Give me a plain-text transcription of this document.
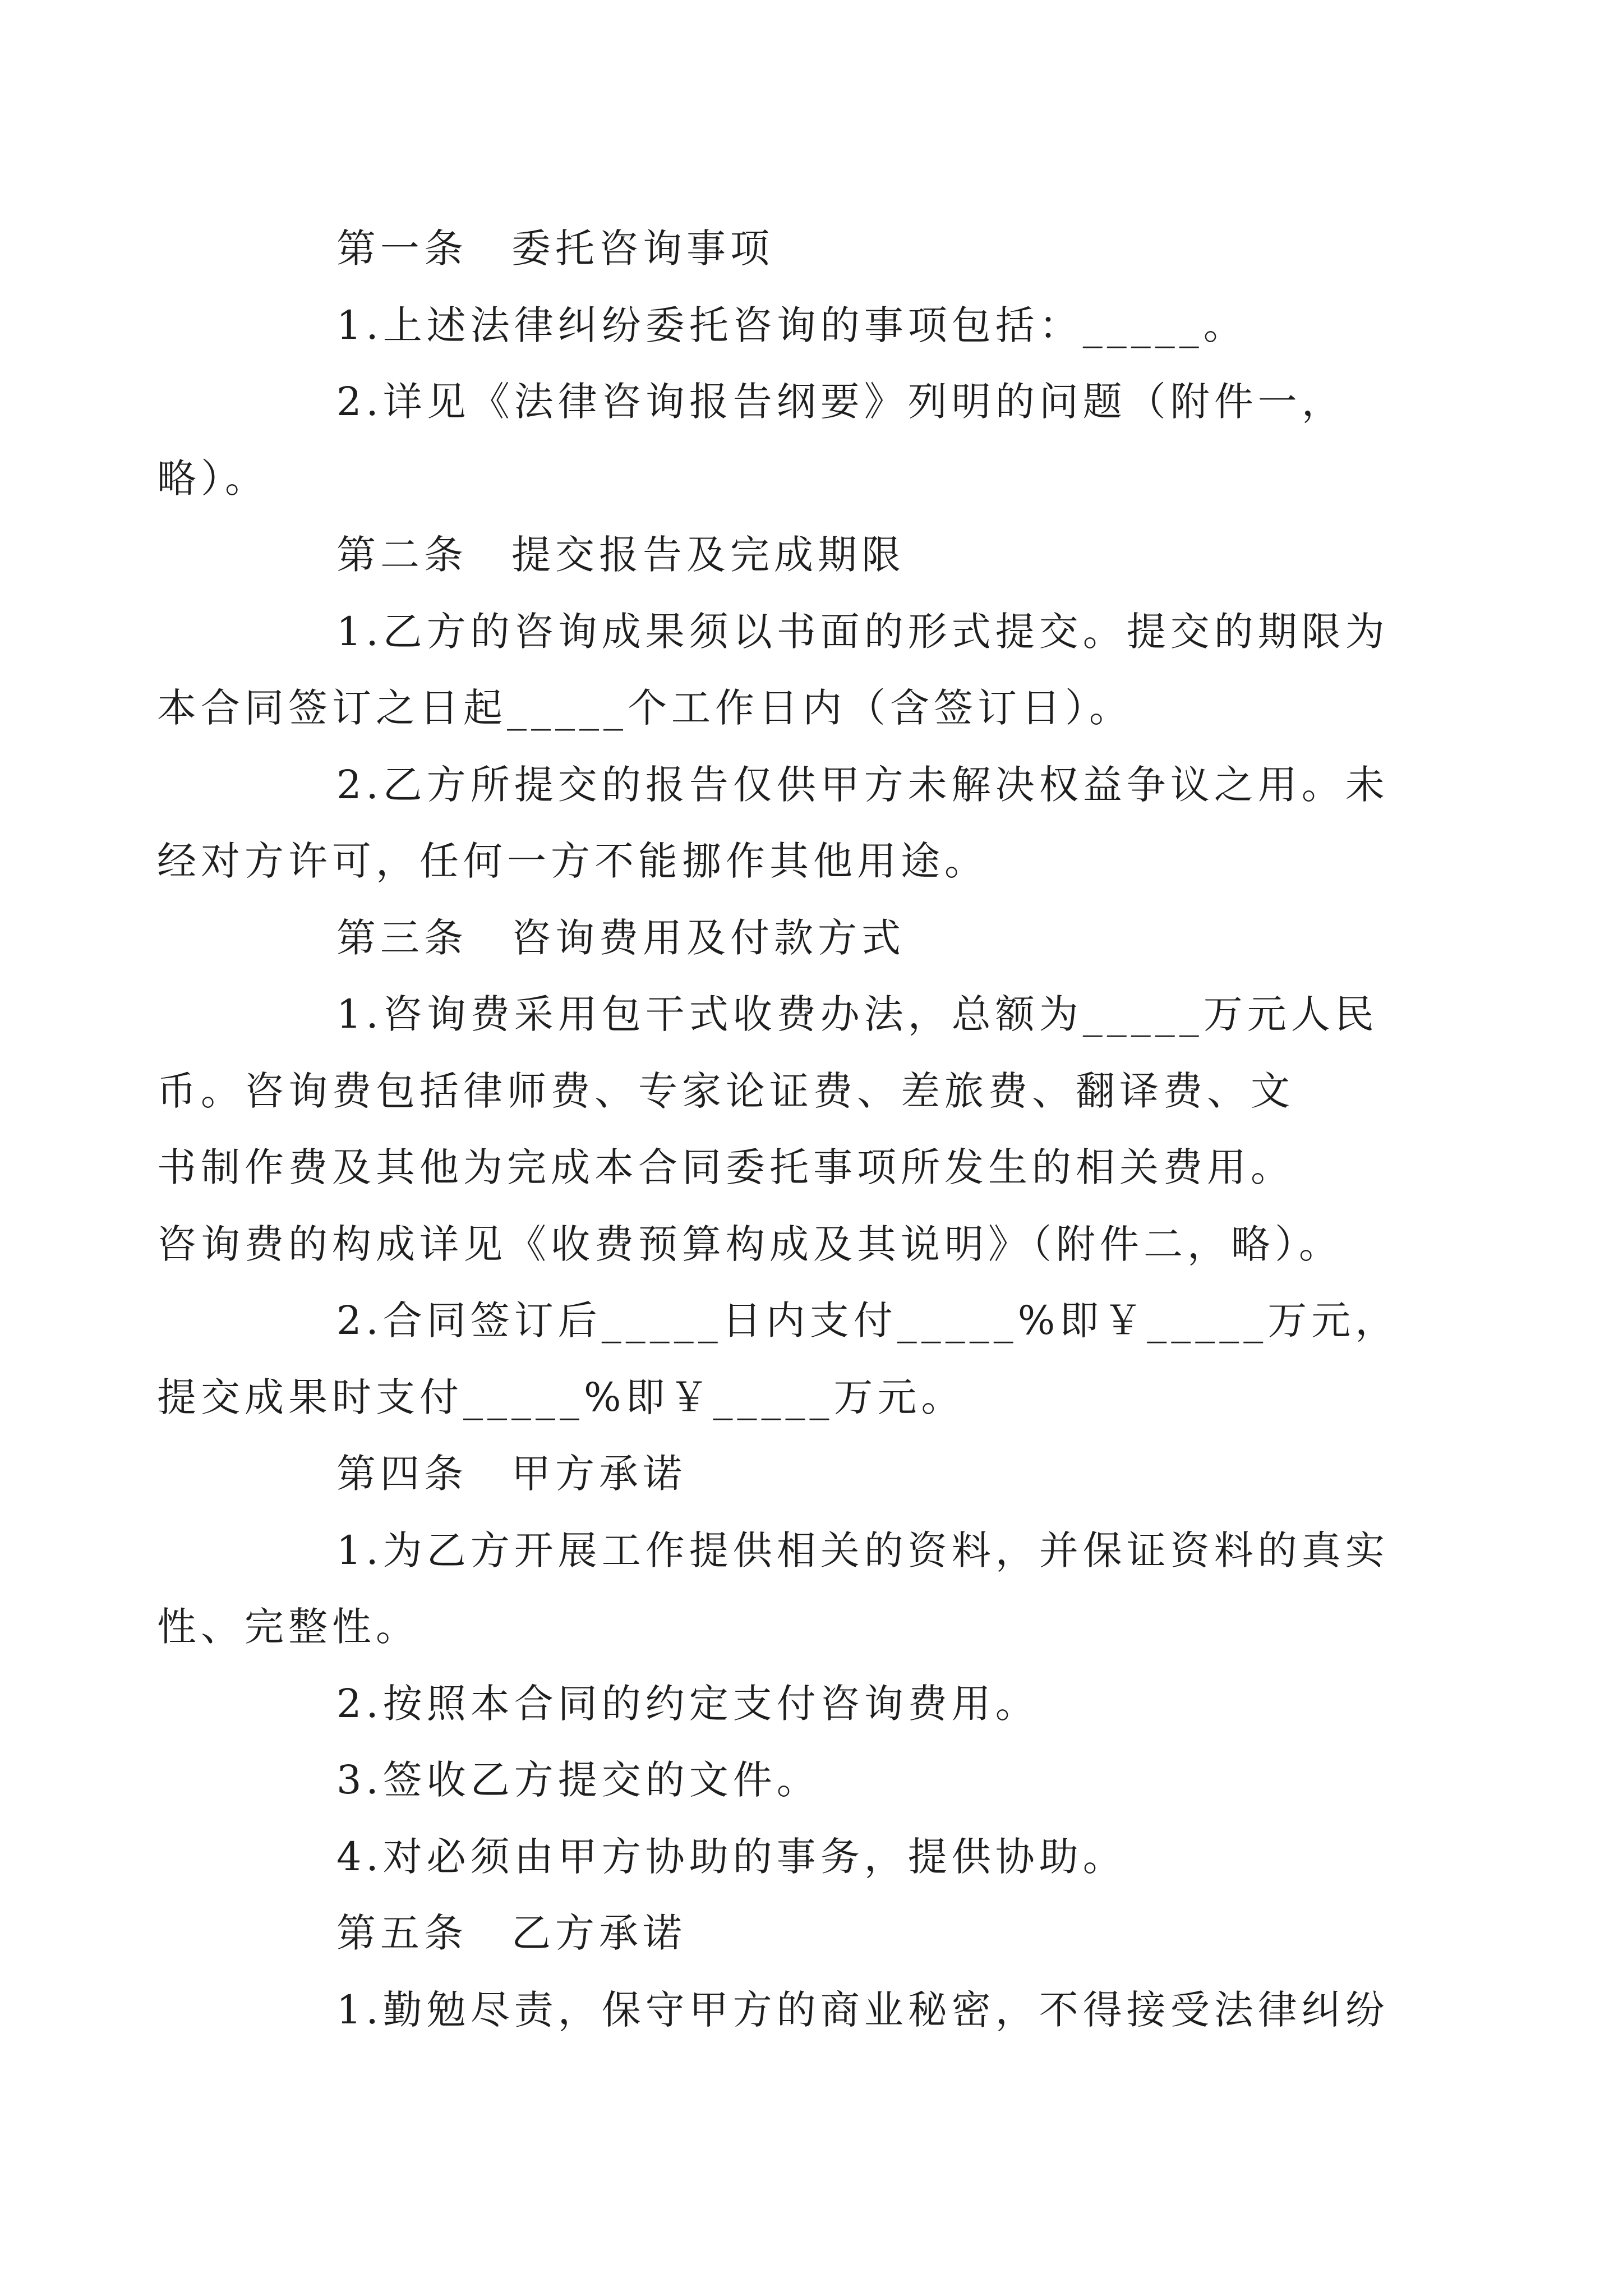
第一条　委托咨询事项

1.上述法律纠纷委托咨询的事项包括：_____。

2.详见《法律咨询报告纲要》列明的问题（附件一，
略）。

第二条　提交报告及完成期限

1.乙方的咨询成果须以书面的形式提交。提交的期限为
本合同签订之日起_____个工作日内（含签订日）。

2.乙方所提交的报告仅供甲方未解决权益争议之用。未
经对方许可，任何一方不能挪作其他用途。

第三条　咨询费用及付款方式

1.咨询费采用包干式收费办法，总额为_____万元人民
币。咨询费包括律师费、专家论证费、差旅费、翻译费、文
书制作费及其他为完成本合同委托事项所发生的相关费用。
咨询费的构成详见《收费预算构成及其说明》（附件二，略）。

2.合同签订后_____日内支付_____%即￥_____万元，
提交成果时支付_____%即￥_____万元。

第四条　甲方承诺

1.为乙方开展工作提供相关的资料，并保证资料的真实
性、完整性。

2.按照本合同的约定支付咨询费用。

3.签收乙方提交的文件。

4.对必须由甲方协助的事务，提供协助。

第五条　乙方承诺

1.勤勉尽责，保守甲方的商业秘密，不得接受法律纠纷
